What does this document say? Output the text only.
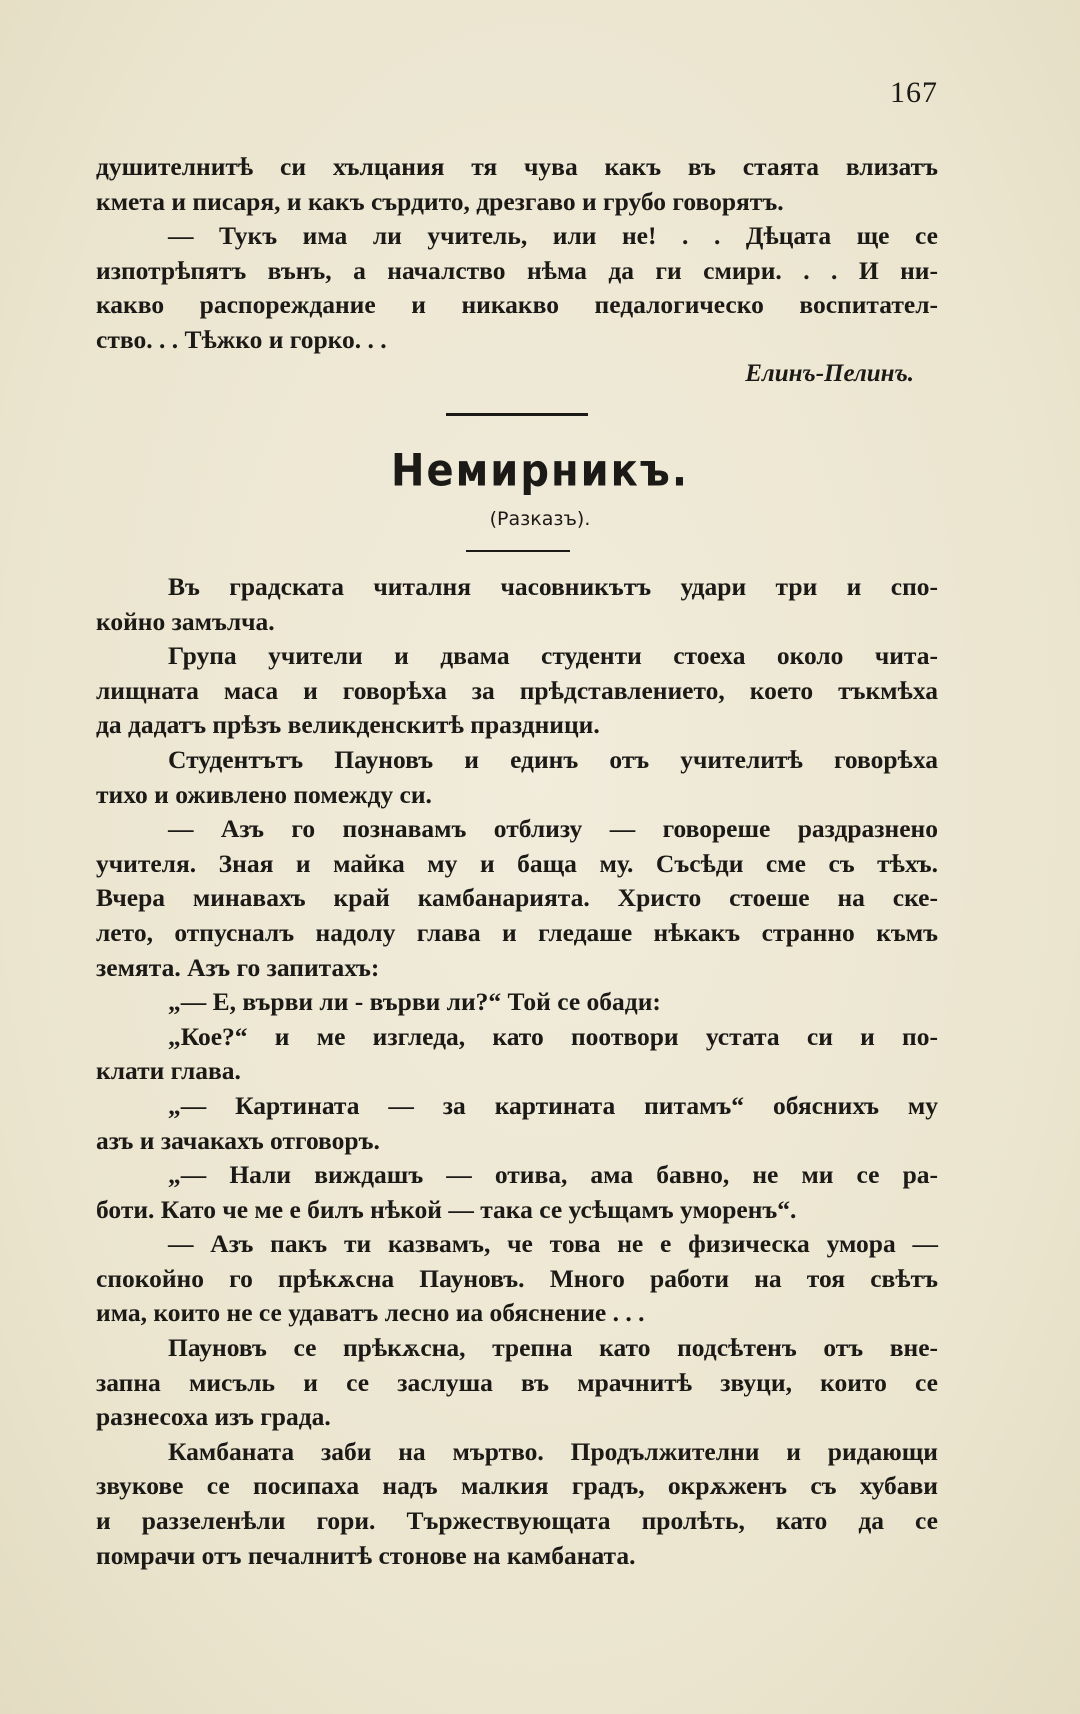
167

душителнитѣ си хълцания тя чува какъ въ стаята влизатъ
кмета и писаря, и какъ сърдито, дрезгаво и грубо говорятъ.

— Тукъ има ли учитель, или не! . . Дѣцата ще се
изпотрѣпятъ вънъ, а началство нѣма да ги смири. . . И ни-
какво распореждание и никакво педалогическо воспитател-
ство. . . Тѣжко и горко. . .

Елинъ-Пелинъ.
Немирникъ.
(Разказъ).

Въ градската читалня часовникътъ удари три и спо-
койно замълча.

Група учители и двама студенти стоеха около чита-
лищната маса и говорѣха за прѣдставлението, което тъкмѣха
да дадатъ прѣзъ великденскитѣ праздници.

Студентътъ Пауновъ и единъ отъ учителитѣ говорѣха
тихо и оживлено помежду си.

— Азъ го познавамъ отблизу — говореше раздразнено
учителя. Зная и майка му и баща му. Съсѣди сме съ тѣхъ.
Вчера минавахъ край камбанарията. Христо стоеше на ске-
лето, отпусналъ надолу глава и гледаше нѣкакъ странно къмъ
земята. Азъ го запитахъ:

„— Е, върви ли - върви ли?“ Той се обади:

„Кое?“ и ме изгледа, като поотвори устата си и по-
клати глава.

„— Картината — за картината питамъ“ обяснихъ му
азъ и зачакахъ отговоръ.

„— Нали виждашъ — отива, ама бавно, не ми се ра-
боти. Като че ме е билъ нѣкой — така се усѣщамъ уморенъ“.

— Азъ пакъ ти казвамъ, че това не е физическа умора —
спокойно го прѣкѫсна Пауновъ. Много работи на тоя свѣтъ
има, които не се удаватъ лесно иа обяснение . . .

Пауновъ се прѣкѫсна, трепна като подсѣтенъ отъ вне-
запна мисъль и се заслуша въ мрачнитѣ звуци, които се
разнесоха изъ града.

Камбаната заби на мъртво. Продължителни и ридающи
звукове се посипаха надъ малкия градъ, окрѫженъ съ хубави
и раззеленѣли гори. Тържествующата пролѣть, като да се
помрачи отъ печалнитѣ стонове на камбаната.
